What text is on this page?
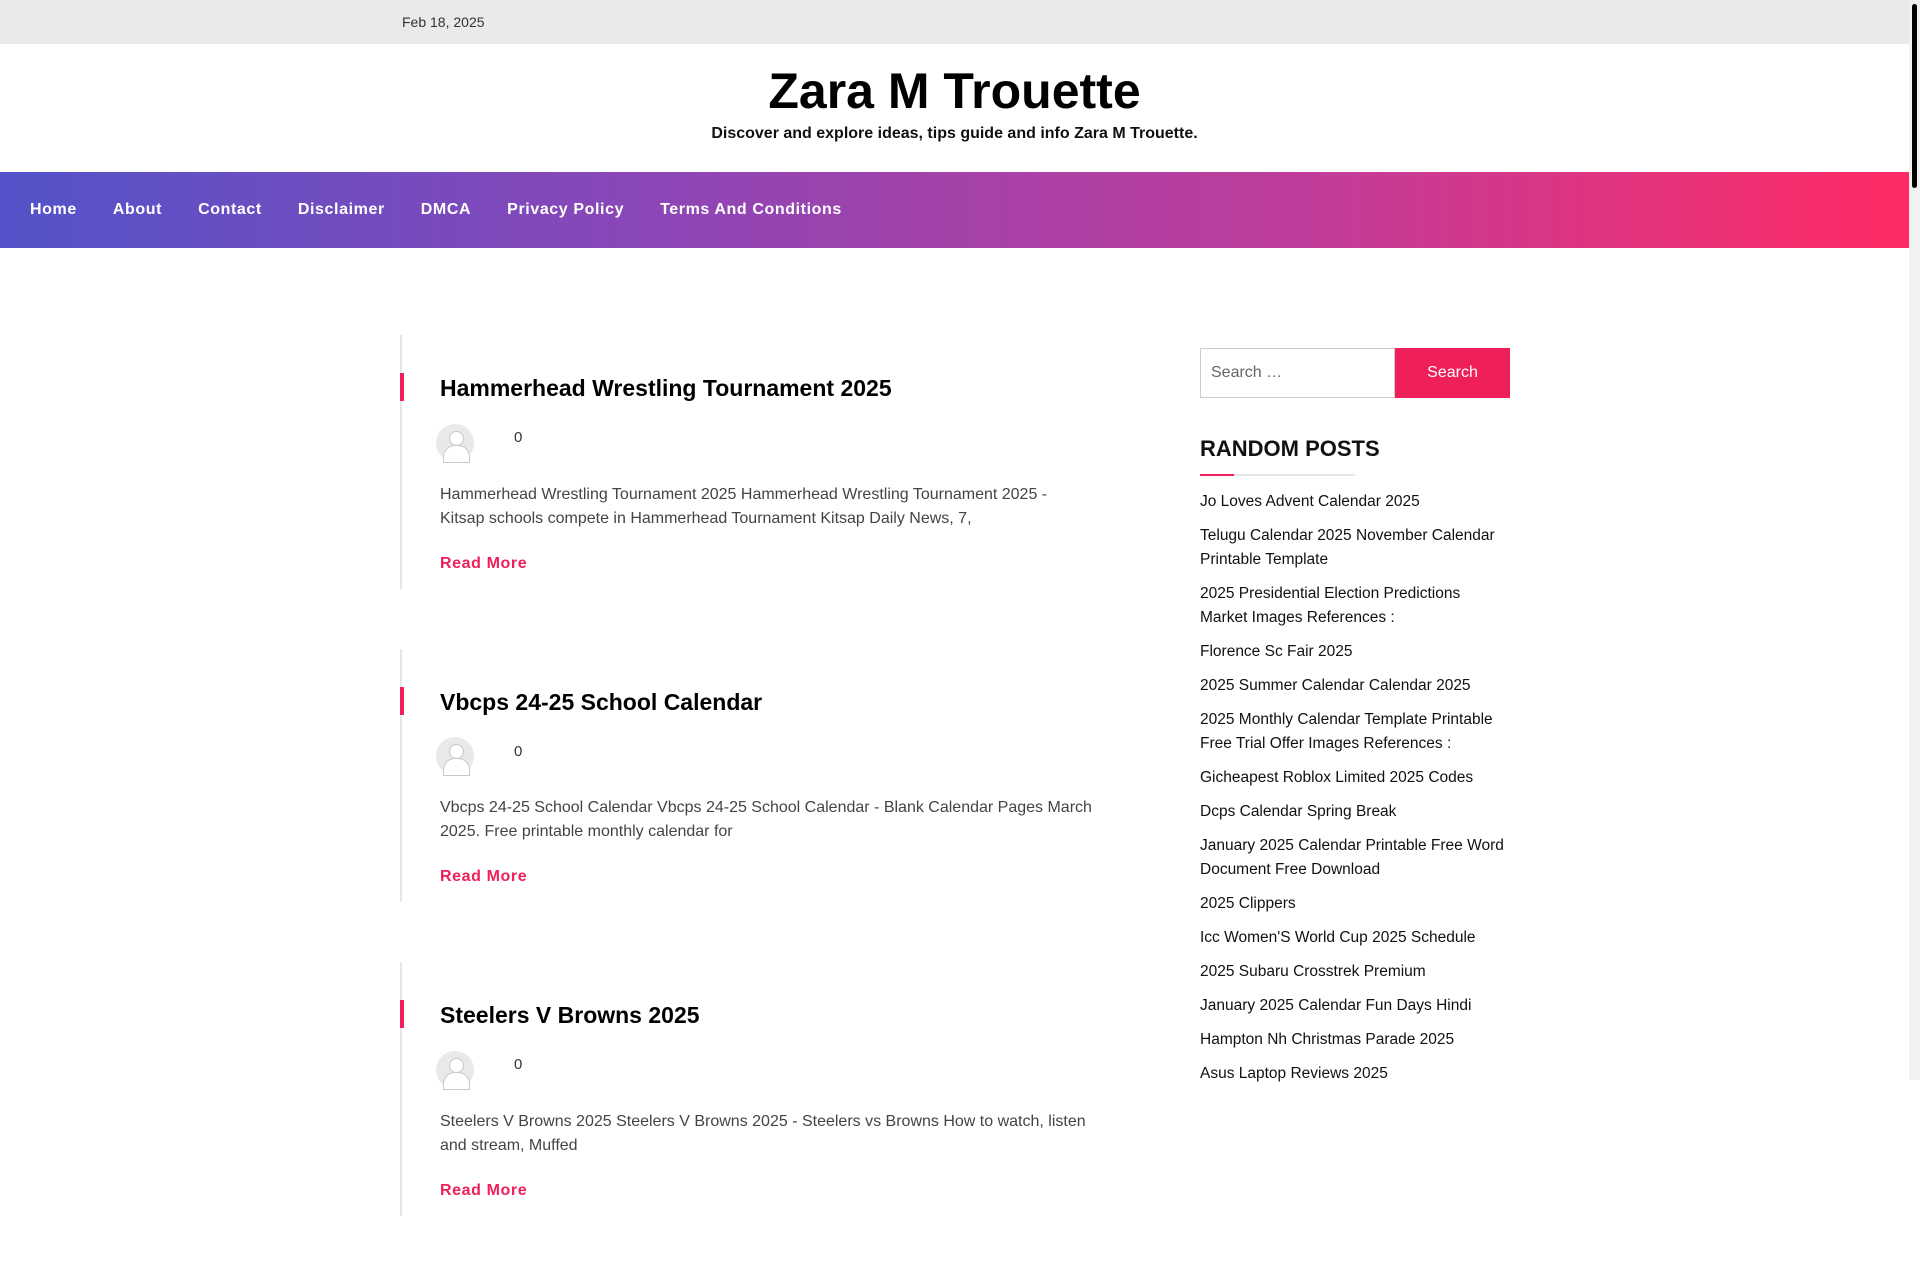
Feb 18, 2025
Zara M Trouette

Discover and explore ideas, tips guide and info Zara M Trouette.

Home	About	Contact	Disclaimer	DMCA	Privacy Policy	Terms And Conditions
Hammerhead Wrestling Tournament 2025
0

Hammerhead Wrestling Tournament 2025 Hammerhead Wrestling Tournament 2025 - Kitsap schools compete in Hammerhead Tournament Kitsap Daily News, 7,

Read More
Vbcps 24-25 School Calendar
0

Vbcps 24-25 School Calendar Vbcps 24-25 School Calendar - Blank Calendar Pages March 2025. Free printable monthly calendar for

Read More
Steelers V Browns 2025
0

Steelers V Browns 2025 Steelers V Browns 2025 - Steelers vs Browns How to watch, listen and stream, Muffed

Read More
Search …
Search
RANDOM POSTS
Jo Loves Advent Calendar 2025
Telugu Calendar 2025 November Calendar Printable Template
2025 Presidential Election Predictions Market Images References :
Florence Sc Fair 2025
2025 Summer Calendar Calendar 2025
2025 Monthly Calendar Template Printable Free Trial Offer Images References :
Gicheapest Roblox Limited 2025 Codes
Dcps Calendar Spring Break
January 2025 Calendar Printable Free Word Document Free Download
2025 Clippers
Icc Women'S World Cup 2025 Schedule
2025 Subaru Crosstrek Premium
January 2025 Calendar Fun Days Hindi
Hampton Nh Christmas Parade 2025
Asus Laptop Reviews 2025
